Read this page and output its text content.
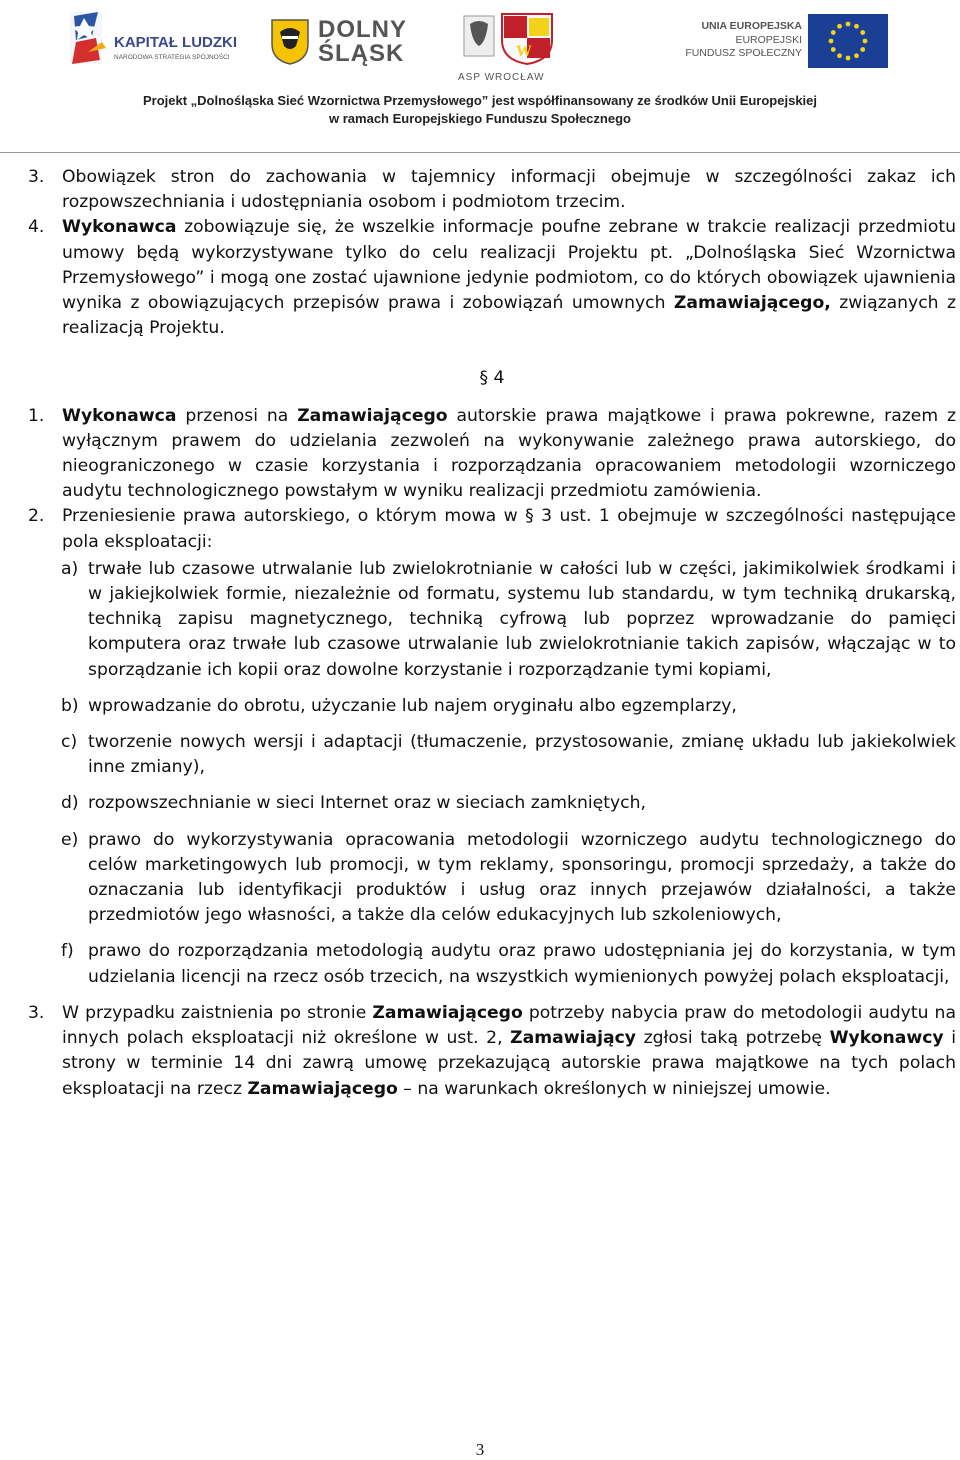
KAPITAŁ LUDZKI
NARODOWA STRATEGIA SPÓJNOŚCI
DOLNY
ŚLĄSK	W
ASP WROCŁAW
UNIA EUROPEJSKA
EUROPEJSKI
FUNDUSZ SPOŁECZNY
Projekt „Dolnośląska Sieć Wzornictwa Przemysłowego” jest współfinansowany ze środków Unii Europejskiej
w ramach Europejskiego Funduszu Społecznego
3. Obowiązek stron do zachowania w tajemnicy informacji obejmuje w szczególności zakaz ich rozpowszechniania i udostępniania osobom i podmiotom trzecim.
4. Wykonawca zobowiązuje się, że wszelkie informacje poufne zebrane w trakcie realizacji przedmiotu umowy będą wykorzystywane tylko do celu realizacji Projektu pt. „Dolnośląska Sieć Wzornictwa Przemysłowego” i mogą one zostać ujawnione jedynie podmiotom, co do których obowiązek ujawnienia wynika z obowiązujących przepisów prawa i zobowiązań umownych Zamawiającego, związanych z realizacją Projektu.
§ 4
1. Wykonawca przenosi na Zamawiającego autorskie prawa majątkowe i prawa pokrewne, razem z wyłącznym prawem do udzielania zezwoleń na wykonywanie zależnego prawa autorskiego, do nieograniczonego w czasie korzystania i rozporządzania opracowaniem metodologii wzorniczego audytu technologicznego powstałym w wyniku realizacji przedmiotu zamówienia.
2. Przeniesienie prawa autorskiego, o którym mowa w § 3 ust. 1 obejmuje w szczególności następujące pola eksploatacji:
a) trwałe lub czasowe utrwalanie lub zwielokrotnianie w całości lub w części, jakimikolwiek środkami i w jakiejkolwiek formie, niezależnie od formatu, systemu lub standardu, w tym techniką drukarską, techniką zapisu magnetycznego, techniką cyfrową lub poprzez wprowadzanie do pamięci komputera oraz trwałe lub czasowe utrwalanie lub zwielokrotnianie takich zapisów, włączając w to sporządzanie ich kopii oraz dowolne korzystanie i rozporządzanie tymi kopiami,
b) wprowadzanie do obrotu, użyczanie lub najem oryginału albo egzemplarzy,
c) tworzenie nowych wersji i adaptacji (tłumaczenie, przystosowanie, zmianę układu lub jakiekolwiek inne zmiany),
d) rozpowszechnianie w sieci Internet oraz w sieciach zamkniętych,
e) prawo do wykorzystywania opracowania metodologii wzorniczego audytu technologicznego do celów marketingowych lub promocji, w tym reklamy, sponsoringu, promocji sprzedaży, a także do oznaczania lub identyfikacji produktów i usług oraz innych przejawów działalności, a także przedmiotów jego własności, a także dla celów edukacyjnych lub szkoleniowych,
f) prawo do rozporządzania metodologią audytu oraz prawo udostępniania jej do korzystania, w tym udzielania licencji na rzecz osób trzecich, na wszystkich wymienionych powyżej polach eksploatacji,
3. W przypadku zaistnienia po stronie Zamawiającego potrzeby nabycia praw do metodologii audytu na innych polach eksploatacji niż określone w ust. 2, Zamawiający zgłosi taką potrzebę Wykonawcy i strony w terminie 14 dni zawrą umowę przekazującą autorskie prawa majątkowe na tych polach eksploatacji na rzecz Zamawiającego – na warunkach określonych w niniejszej umowie.
3
